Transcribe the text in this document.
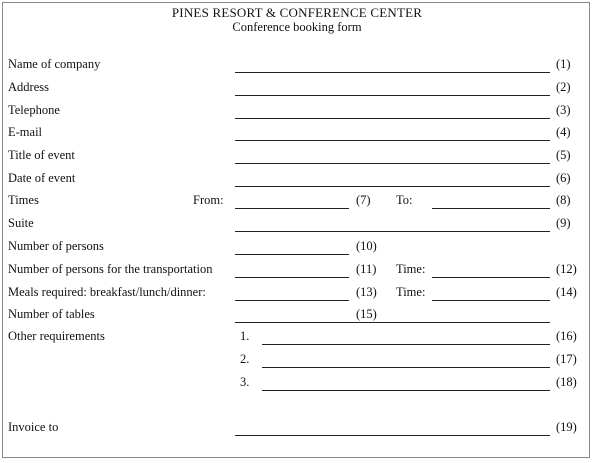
PINES RESORT & CONFERENCE CENTER
Conference booking form
Name of company	(1)
Address	(2)
Telephone	(3)
E-mail	(4)
Title of event	(5)
Date of event	(6)
Times	From:	(7) To:	(8)
Suite	(9)
Number of persons	(10)
Number of persons for the transportation	(11) Time:	(12)
Meals required: breakfast/lunch/dinner:	(13) Time:	(14)
Number of tables	(15)
Other requirements	1.	(16)
2.	(17)
3.	(18)
Invoice to	(19)
